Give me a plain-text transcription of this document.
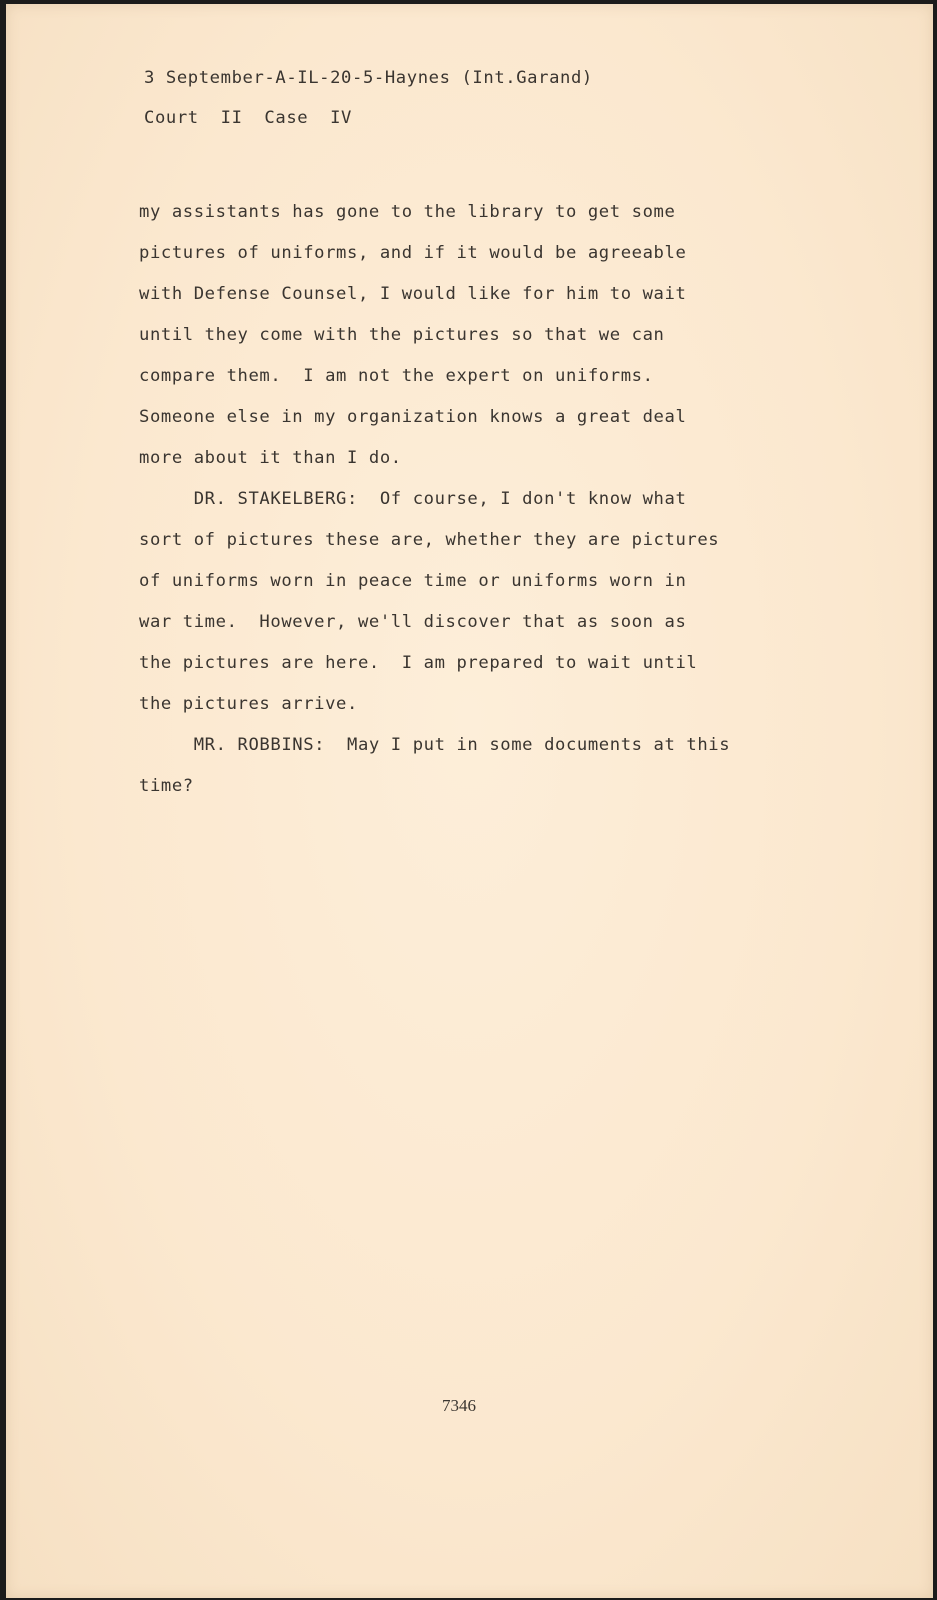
3 September-A-IL-20-5-Haynes (Int.Garand)

Court  II  Case  IV

my assistants has gone to the library to get some
pictures of uniforms, and if it would be agreeable
with Defense Counsel, I would like for him to wait
until they come with the pictures so that we can
compare them.  I am not the expert on uniforms.
Someone else in my organization knows a great deal
more about it than I do.
DR. STAKELBERG:  Of course, I don't know what
sort of pictures these are, whether they are pictures
of uniforms worn in peace time or uniforms worn in
war time.  However, we'll discover that as soon as
the pictures are here.  I am prepared to wait until
the pictures arrive.
MR. ROBBINS:  May I put in some documents at this
time?
7346
